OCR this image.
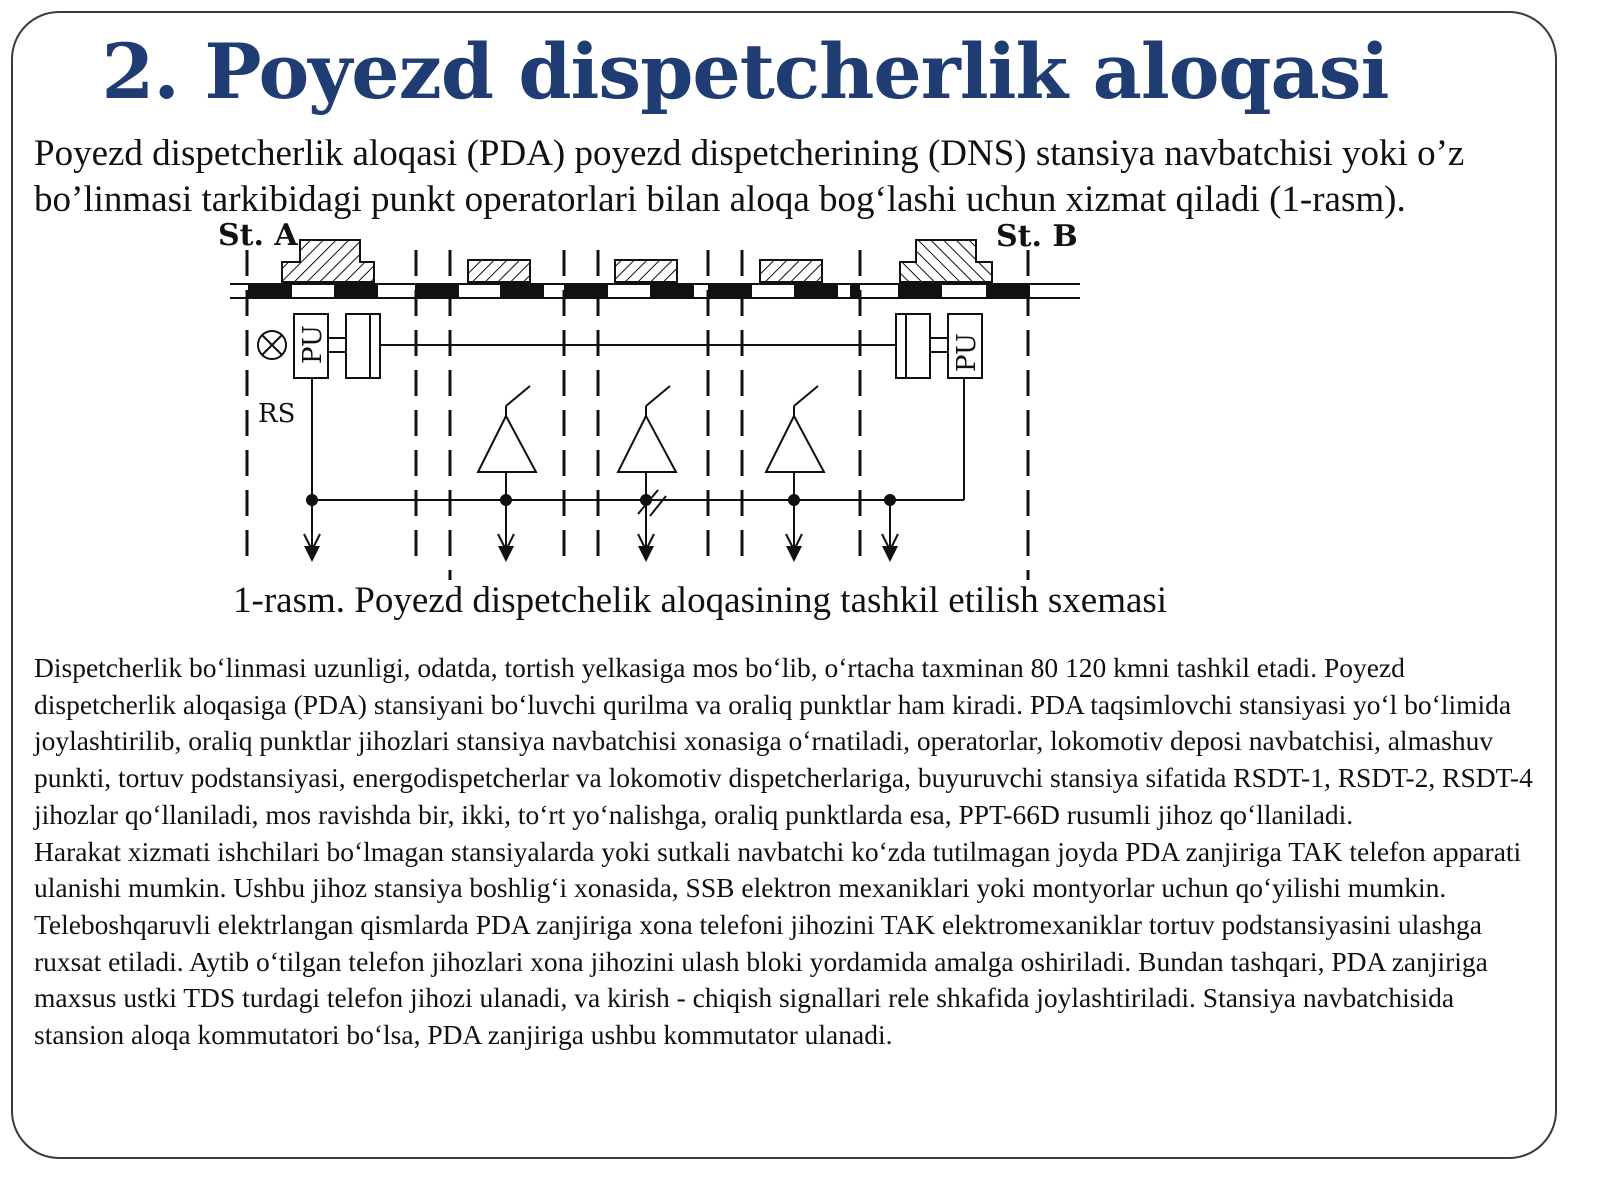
2. Poyezd dispetcherlik aloqasi

Poyezd dispetcherlik aloqasi (PDA) poyezd dispetcherining (DNS) stansiya navbatchisi yoki o’z bo’linmasi tarkibidagi punkt operatorlari bilan aloqa bog‘lashi uchun xizmat qiladi (1-rasm).

St. A	St. B
PU
RS
PU
1-rasm. Poyezd dispetchelik aloqasining tashkil etilish sxemasi

Dispetcherlik bo‘linmasi uzunligi, odatda, tortish yelkasiga mos bo‘lib, o‘rtacha taxminan 80 120 kmni tashkil etadi. Poyezd dispetcherlik aloqasiga (PDA) stansiyani bo‘luvchi qurilma va oraliq punktlar ham kiradi. PDA taqsimlovchi stansiyasi yo‘l bo‘limida joylashtirilib, oraliq punktlar jihozlari stansiya navbatchisi xonasiga o‘rnatiladi, operatorlar, lokomotiv deposi navbatchisi, almashuv punkti, tortuv podstansiyasi, energodispetcherlar va lokomotiv dispetcherlariga, buyuruvchi stansiya sifatida RSDT-1, RSDT-2, RSDT-4 jihozlar qo‘llaniladi, mos ravishda bir, ikki, to‘rt yo‘nalishga, oraliq punktlarda esa, PPT-66D rusumli jihoz qo‘llaniladi.

Harakat xizmati ishchilari bo‘lmagan stansiyalarda yoki sutkali navbatchi ko‘zda tutilmagan joyda PDA zanjiriga TAK telefon apparati ulanishi mumkin. Ushbu jihoz stansiya boshlig‘i xonasida, SSB elektron mexaniklari yoki montyorlar uchun qo‘yilishi mumkin. Teleboshqaruvli elektrlangan qismlarda PDA zanjiriga xona telefoni jihozini TAK elektromexaniklar tortuv podstansiyasini ulashga ruxsat etiladi. Aytib o‘tilgan telefon jihozlari xona jihozini ulash bloki yordamida amalga oshiriladi. Bundan tashqari, PDA zanjiriga maxsus ustki TDS turdagi telefon jihozi ulanadi, va kirish - chiqish signallari rele shkafida joylashtiriladi. Stansiya navbatchisida stansion aloqa kommutatori bo‘lsa, PDA zanjiriga ushbu kommutator ulanadi.
